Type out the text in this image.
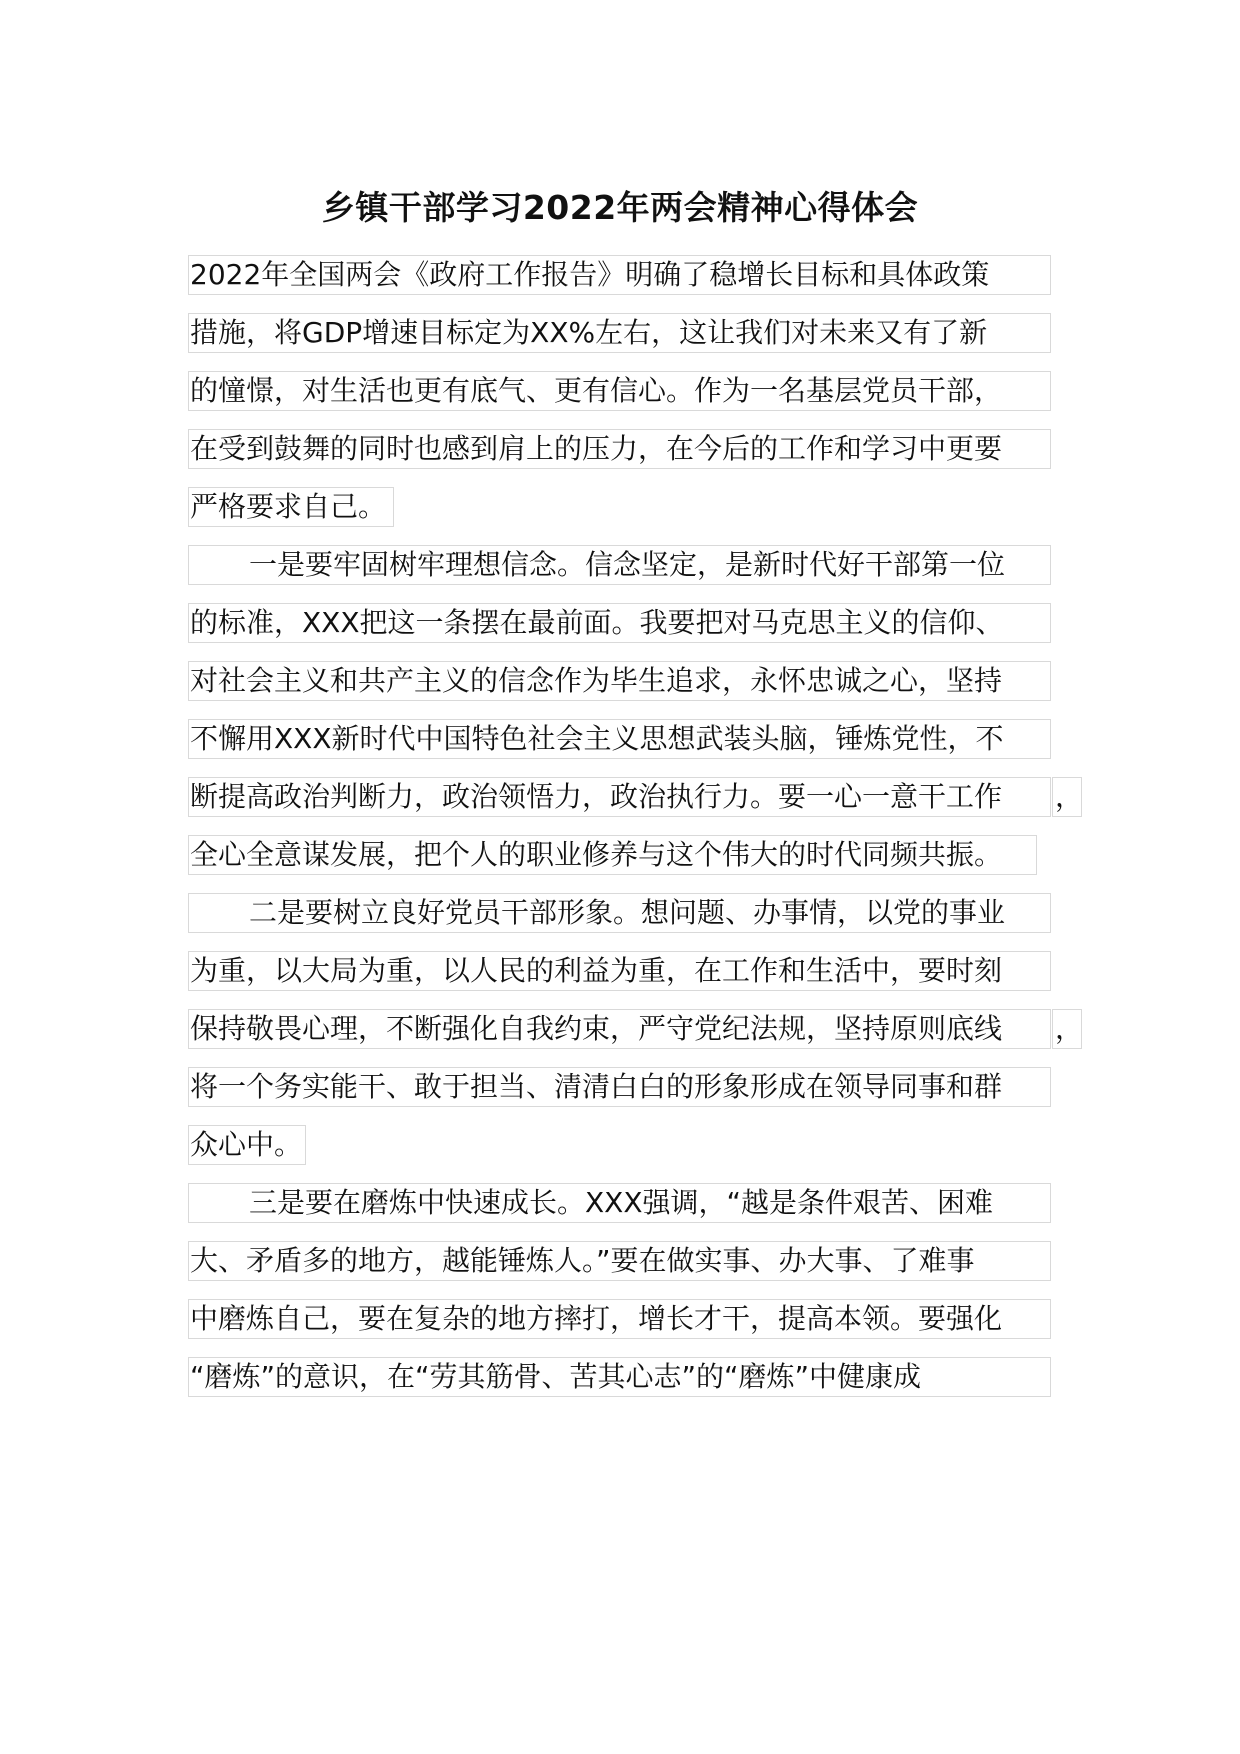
乡镇干部学习2022年两会精神心得体会
2022年全国两会《政府工作报告》明确了稳增长目标和具体政策
措施，将GDP增速目标定为XX%左右，这让我们对未来又有了新
的憧憬，对生活也更有底气、更有信心。作为一名基层党员干部，
在受到鼓舞的同时也感到肩上的压力，在今后的工作和学习中更要
严格要求自己。
一是要牢固树牢理想信念。信念坚定，是新时代好干部第一位
的标准，XXX把这一条摆在最前面。我要把对马克思主义的信仰、
对社会主义和共产主义的信念作为毕生追求，永怀忠诚之心，坚持
不懈用XXX新时代中国特色社会主义思想武装头脑，锤炼党性，不
断提高政治判断力，政治领悟力，政治执行力。要一心一意干工作	，
全心全意谋发展，把个人的职业修养与这个伟大的时代同频共振。
二是要树立良好党员干部形象。想问题、办事情，以党的事业
为重，以大局为重，以人民的利益为重，在工作和生活中，要时刻
保持敬畏心理，不断强化自我约束，严守党纪法规，坚持原则底线	，
将一个务实能干、敢于担当、清清白白的形象形成在领导同事和群
众心中。
三是要在磨炼中快速成长。XXX强调，“越是条件艰苦、困难
大、矛盾多的地方，越能锤炼人。”要在做实事、办大事、了难事
中磨炼自己，要在复杂的地方摔打，增长才干，提高本领。要强化
“磨炼”的意识，在“劳其筋骨、苦其心志”的“磨炼”中健康成
